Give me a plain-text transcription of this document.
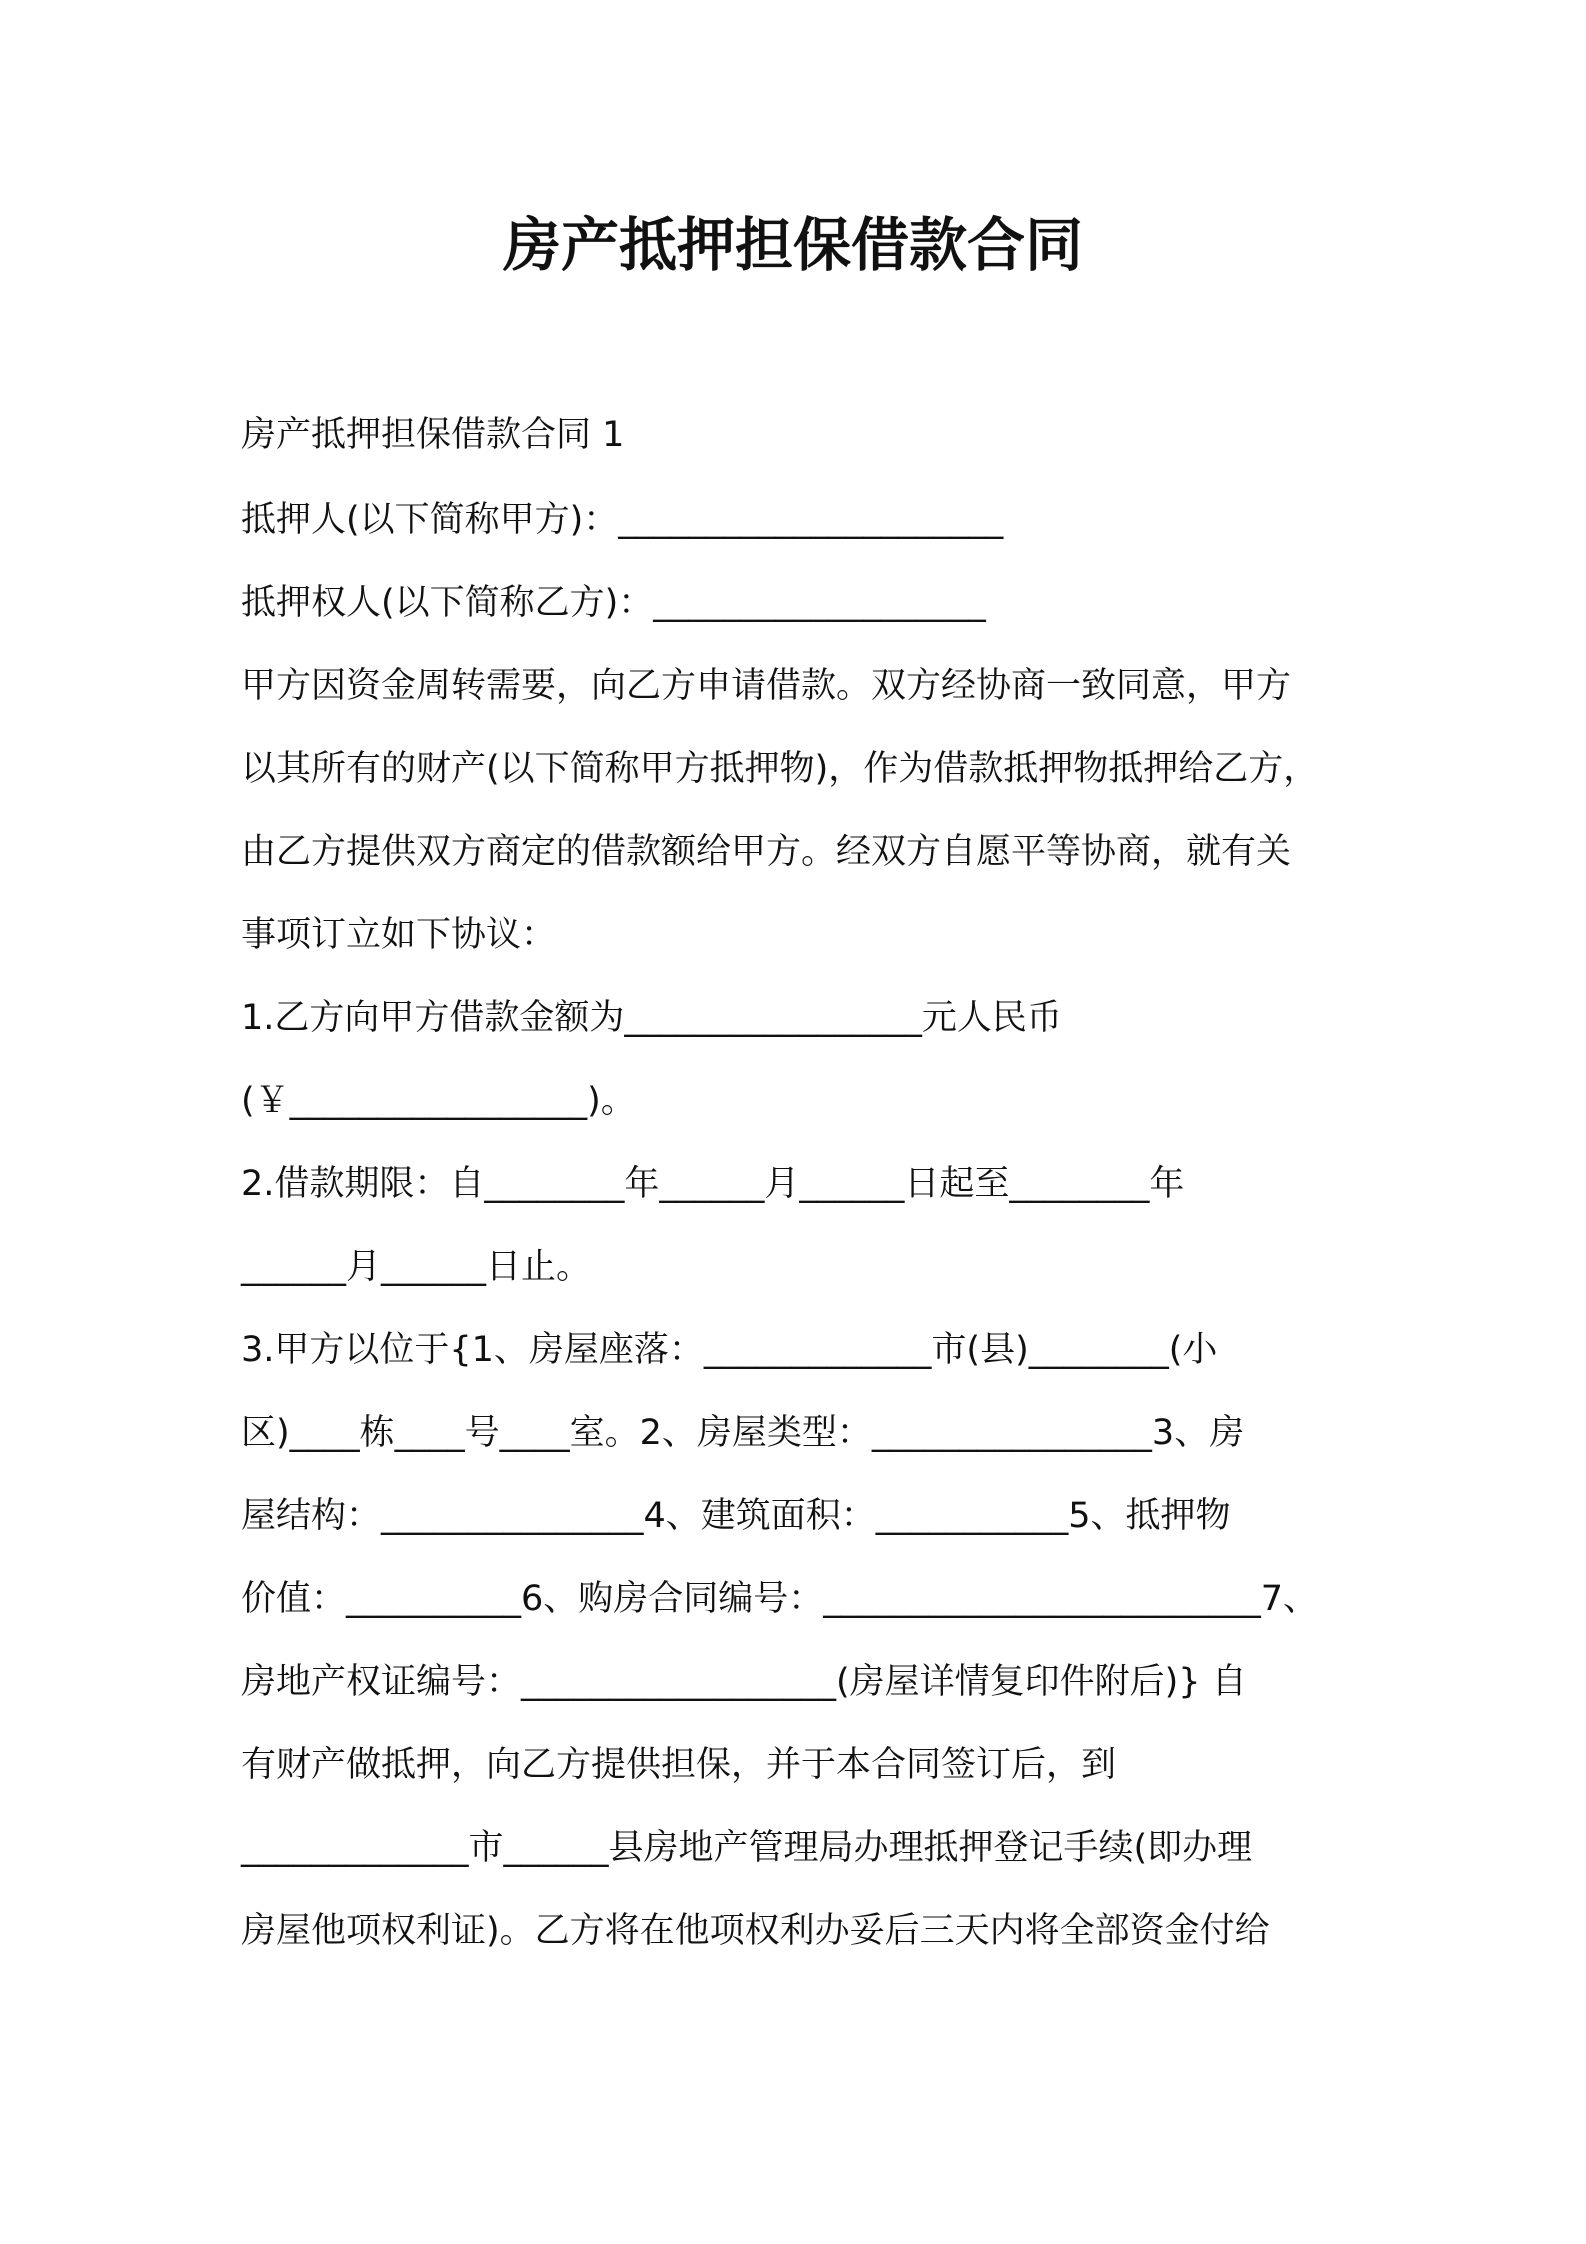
房产抵押担保借款合同

房产抵押担保借款合同 1

抵押人(以下简称甲方)：______________________

抵押权人(以下简称乙方)：___________________

甲方因资金周转需要，向乙方申请借款。双方经协商一致同意，甲方

以其所有的财产(以下简称甲方抵押物)，作为借款抵押物抵押给乙方，

由乙方提供双方商定的借款额给甲方。经双方自愿平等协商，就有关

事项订立如下协议：

1.乙方向甲方借款金额为_________________元人民币

(￥_________________)。

2.借款期限：自________年______月______日起至________年

______月______日止。

3.甲方以位于{1、房屋座落：_____________市(县)________(小

区)____栋____号____室。2、房屋类型：________________3、房

屋结构：_______________4、建筑面积：___________5、抵押物

价值：__________6、购房合同编号：_________________________7、

房地产权证编号：__________________(房屋详情复印件附后)} 自

有财产做抵押，向乙方提供担保，并于本合同签订后，到

_____________市______县房地产管理局办理抵押登记手续(即办理

房屋他项权利证)。乙方将在他项权利办妥后三天内将全部资金付给
